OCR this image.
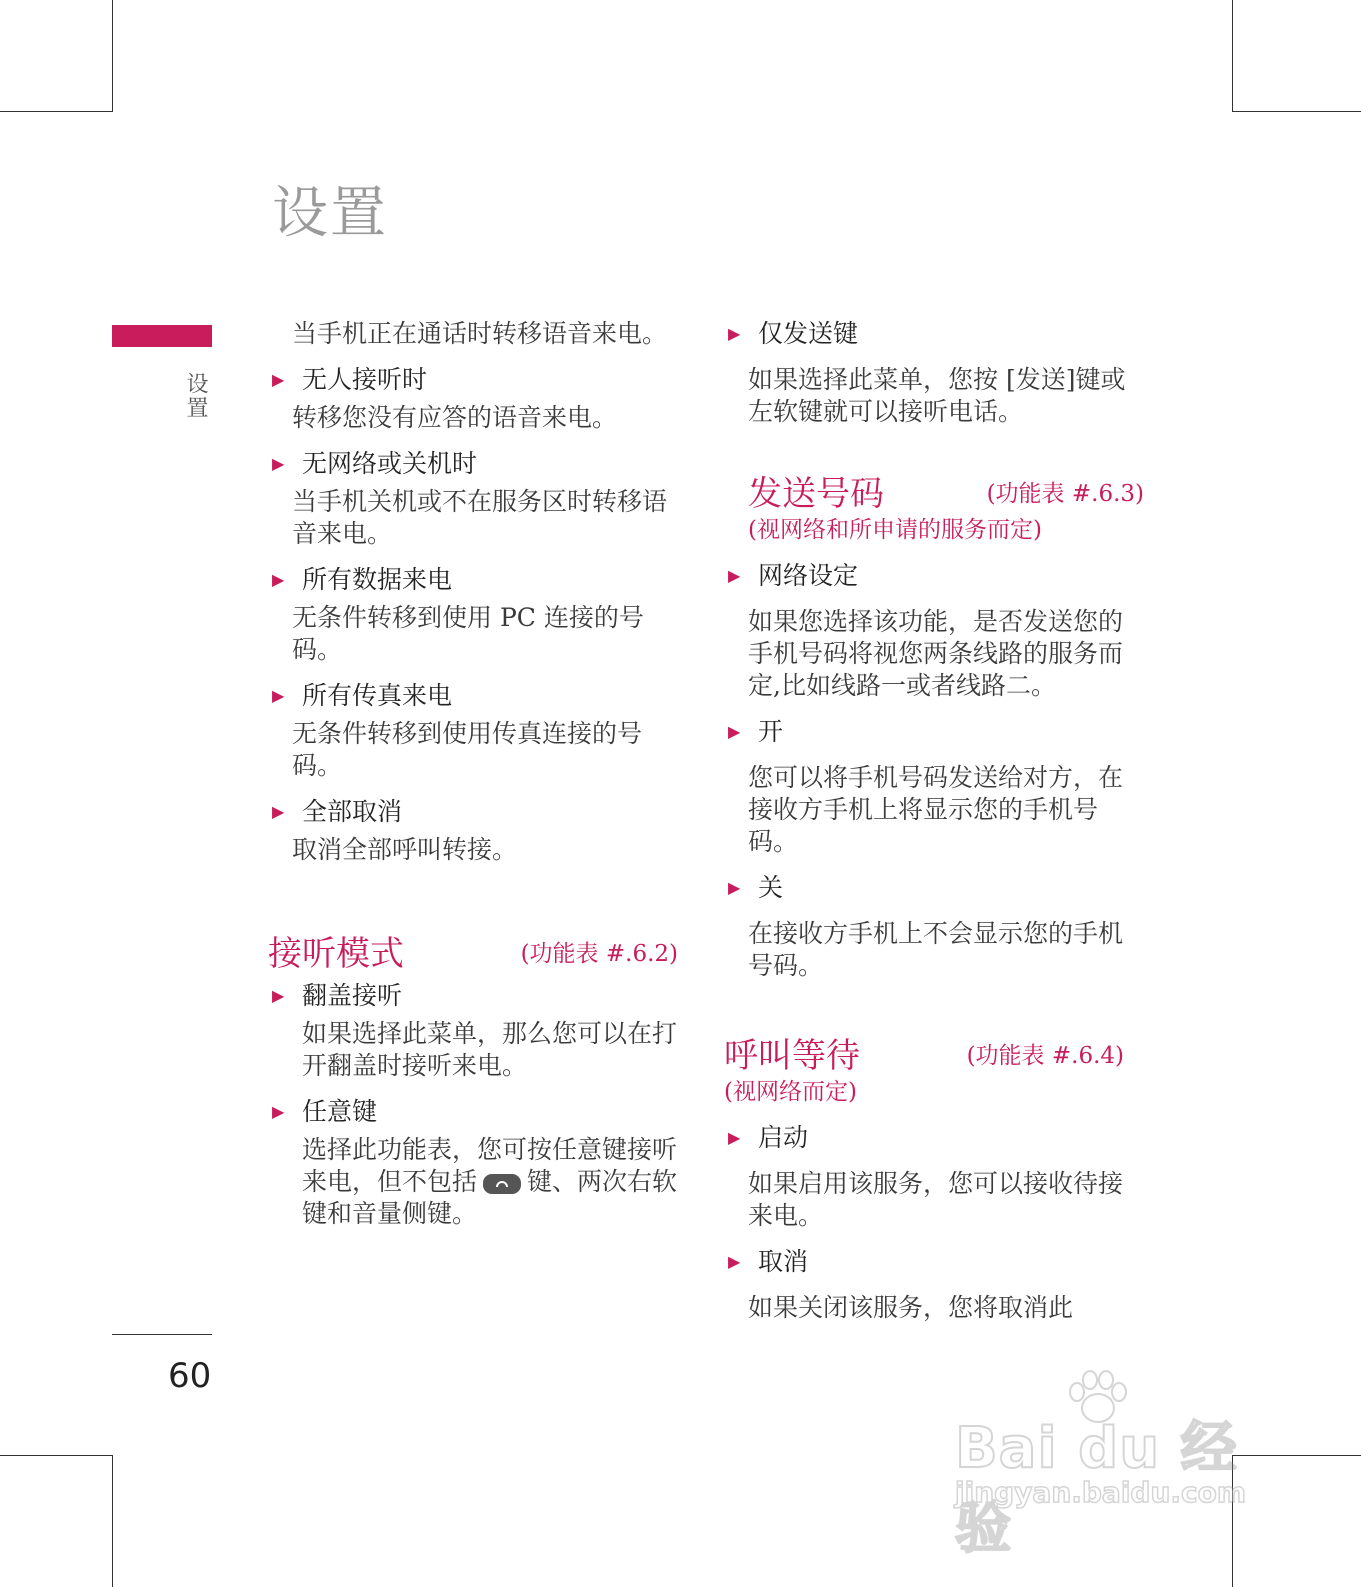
设置
设置
60
当手机正在通话时转移语音来电。
▶ 无人接听时
转移您没有应答的语音来电。
▶ 无网络或关机时
当手机关机或不在服务区时转移语音来电。
▶ 所有数据来电
无条件转移到使用 PC 连接的号码。
▶ 所有传真来电
无条件转移到使用传真连接的号码。
▶ 全部取消
取消全部呼叫转接。
接听模式	(功能表 #.6.2)
▶ 翻盖接听
如果选择此菜单，那么您可以在打开翻盖时接听来电。
▶ 任意键
选择此功能表，您可按任意键接听来电，但不包括 键、两次右软键和音量侧键。
▶ 仅发送键
如果选择此菜单，您按 [发送]键或左软键就可以接听电话。
发送号码	(功能表 #.6.3)
(视网络和所申请的服务而定)
▶ 网络设定
如果您选择该功能，是否发送您的手机号码将视您两条线路的服务而定,比如线路一或者线路二。
▶ 开
您可以将手机号码发送给对方，在接收方手机上将显示您的手机号码。
▶ 关
在接收方手机上不会显示您的手机号码。
呼叫等待	(功能表 #.6.4)
(视网络而定)
▶ 启动
如果启用该服务，您可以接收待接来电。
▶ 取消
如果关闭该服务，您将取消此
Bai du 经验
jingyan.baidu.com
